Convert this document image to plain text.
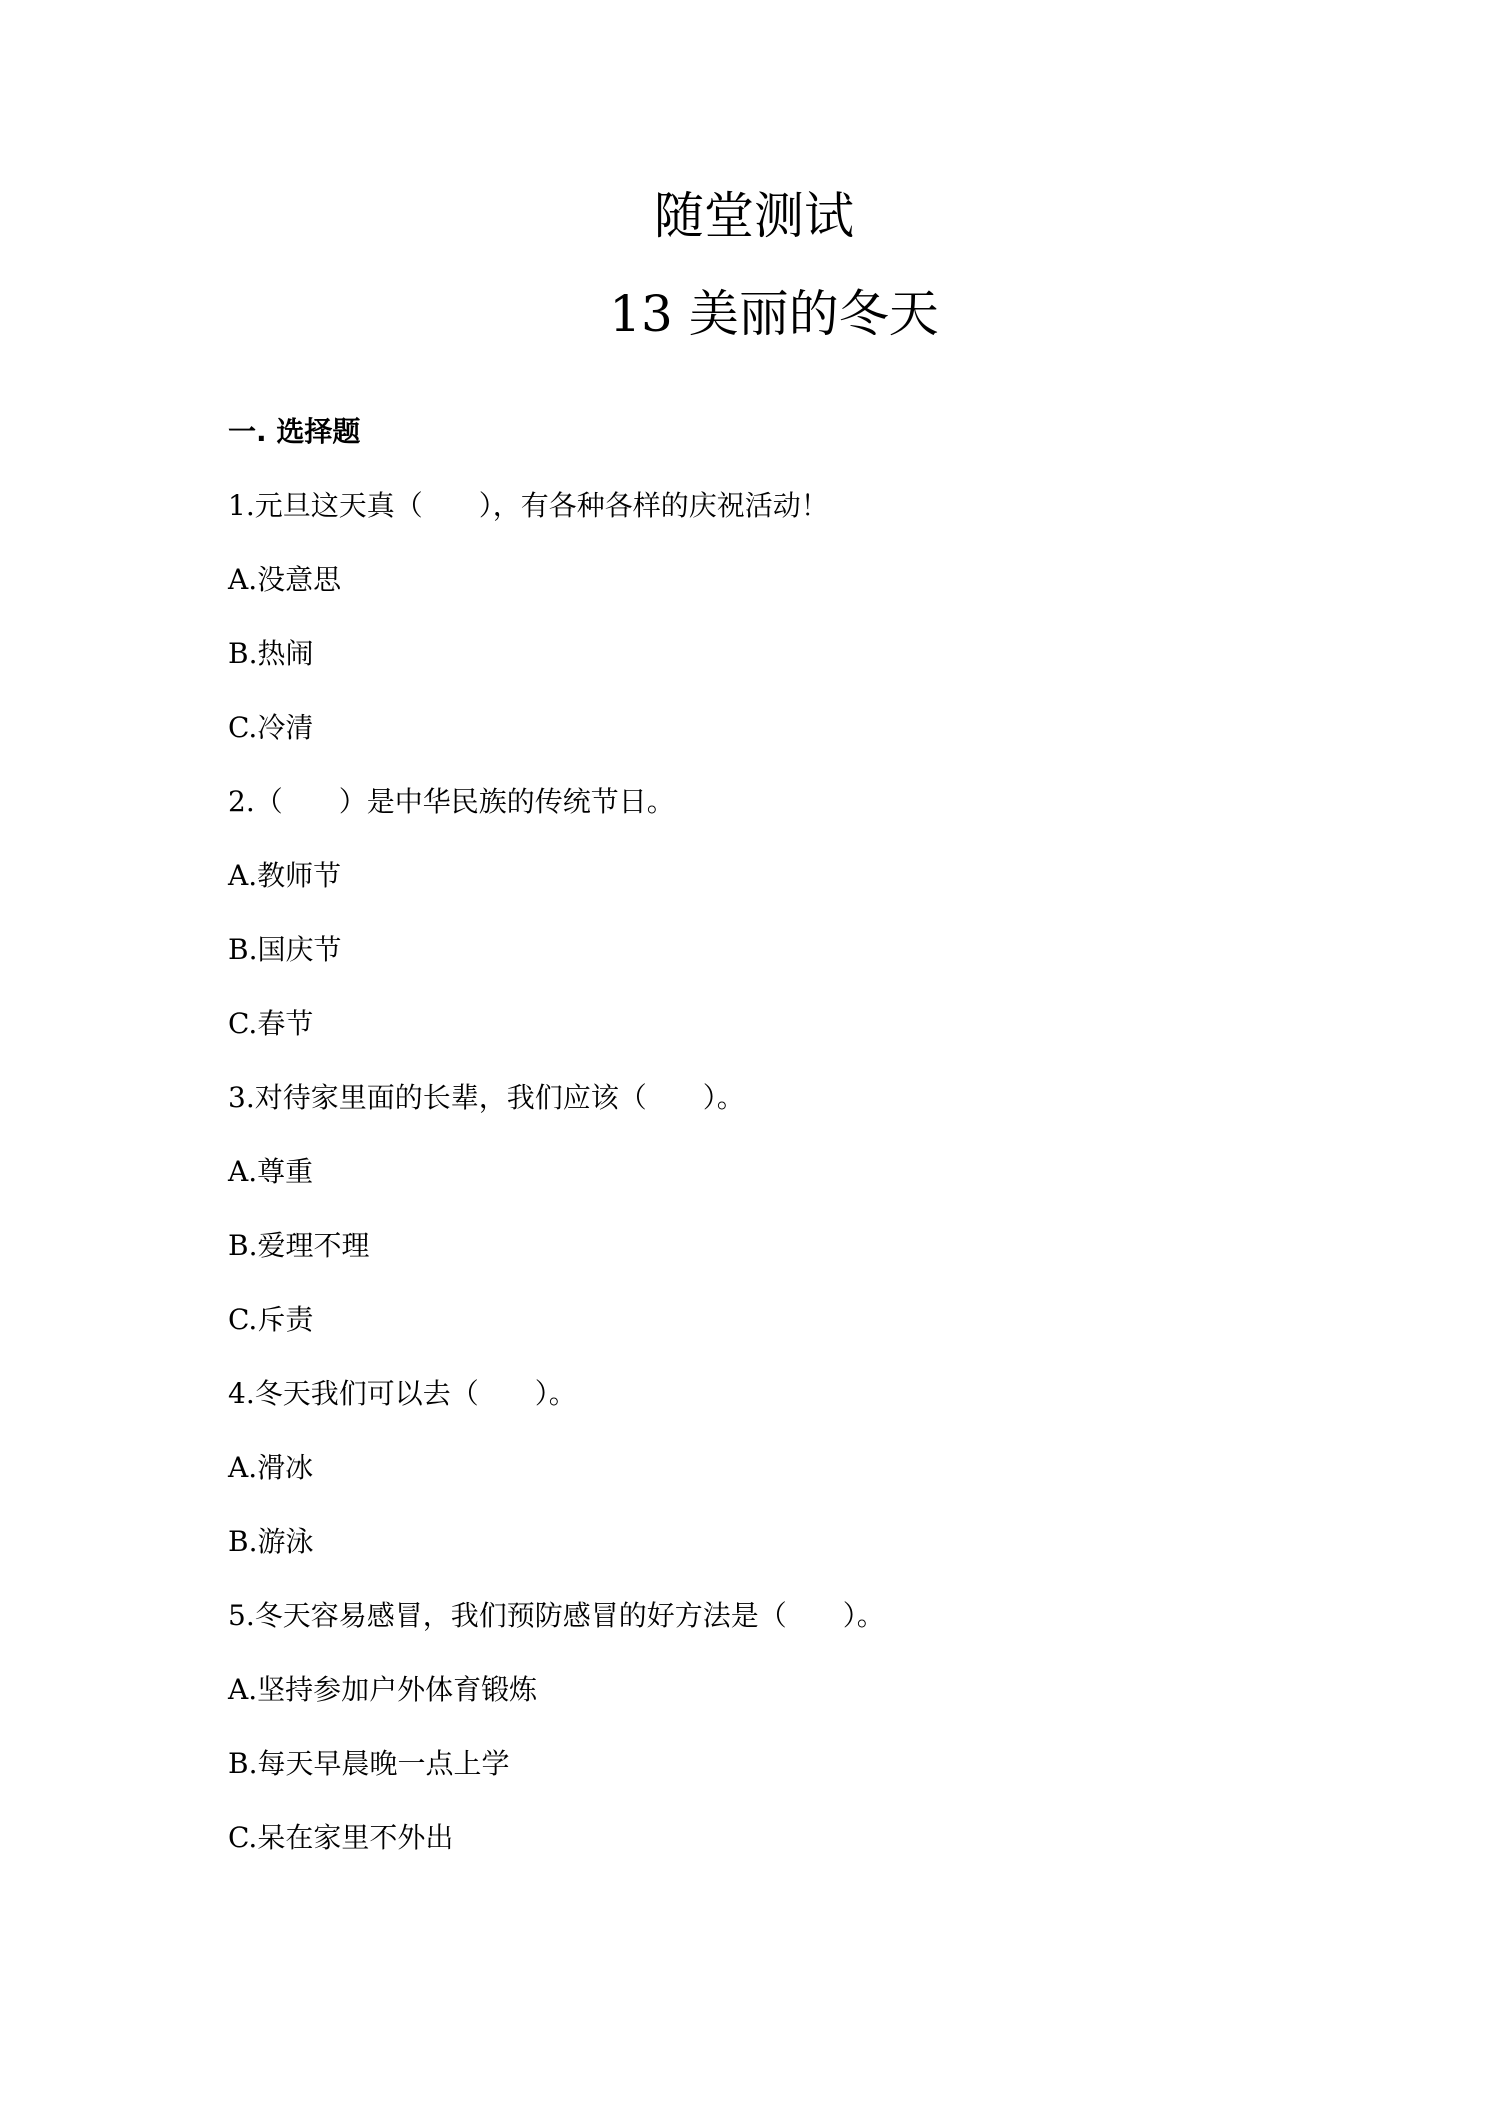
随堂测试
13 美丽的冬天
一. 选择题
1.元旦这天真（　　），有各种各样的庆祝活动！
A.没意思
B.热闹
C.冷清
2.（　　）是中华民族的传统节日。
A.教师节
B.国庆节
C.春节
3.对待家里面的长辈，我们应该（　　）。
A.尊重
B.爱理不理
C.斥责
4.冬天我们可以去（　　）。
A.滑冰
B.游泳
5.冬天容易感冒，我们预防感冒的好方法是（　　）。
A.坚持参加户外体育锻炼
B.每天早晨晚一点上学
C.呆在家里不外出
